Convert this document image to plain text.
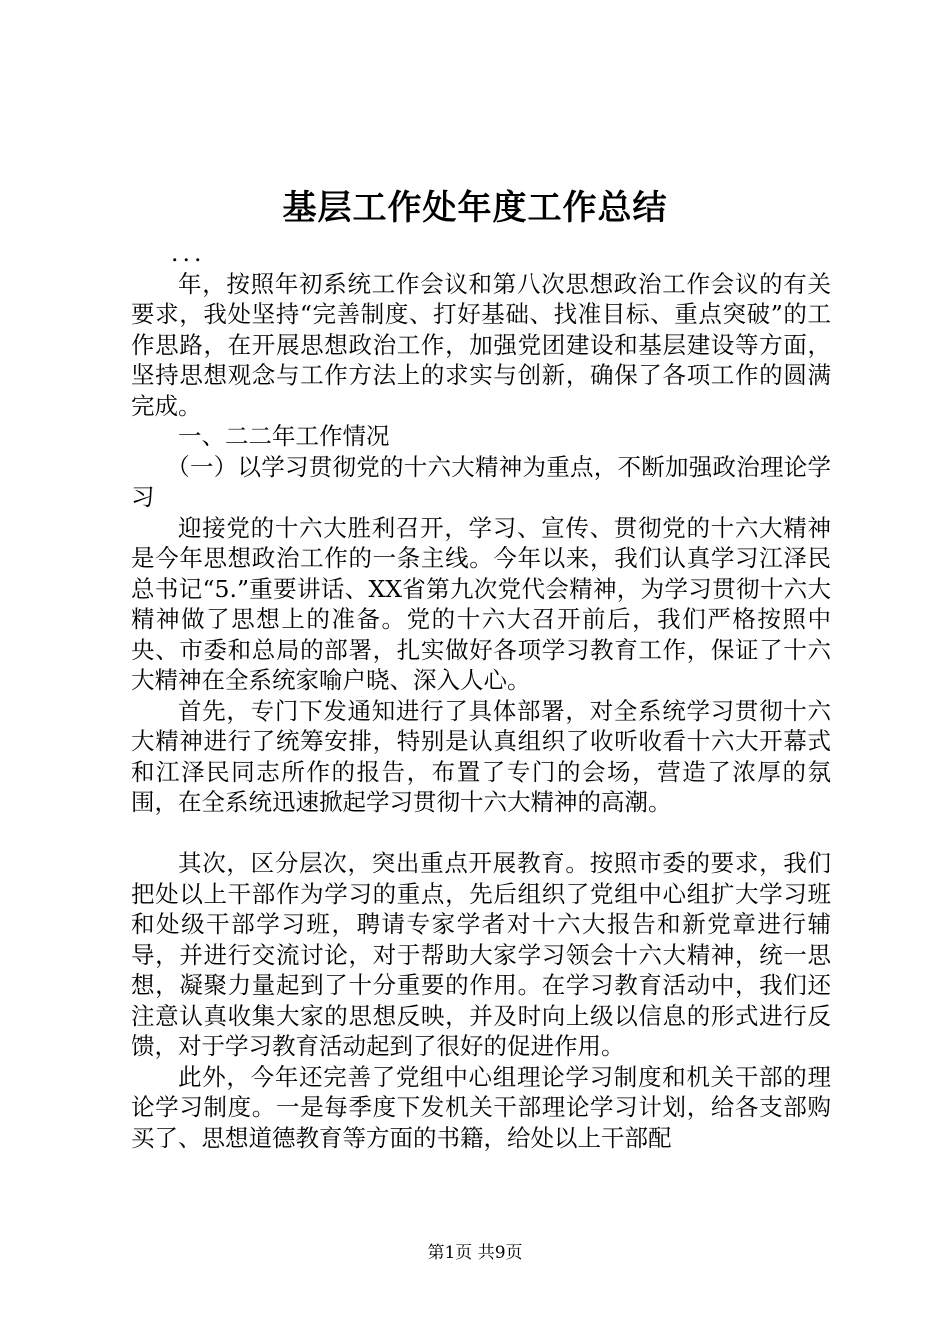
基层工作处年度工作总结

...

年，按照年初系统工作会议和第八次思想政治工作会议的有关要求，我处坚持“完善制度、打好基础、找准目标、重点突破”的工作思路，在开展思想政治工作，加强党团建设和基层建设等方面，坚持思想观念与工作方法上的求实与创新，确保了各项工作的圆满完成。

一、二二年工作情况

（一）以学习贯彻党的十六大精神为重点，不断加强政治理论学习

迎接党的十六大胜利召开，学习、宣传、贯彻党的十六大精神是今年思想政治工作的一条主线。今年以来，我们认真学习江泽民总书记“5.”重要讲话、XX省第九次党代会精神，为学习贯彻十六大精神做了思想上的准备。党的十六大召开前后，我们严格按照中央、市委和总局的部署，扎实做好各项学习教育工作，保证了十六大精神在全系统家喻户晓、深入人心。

首先，专门下发通知进行了具体部署，对全系统学习贯彻十六大精神进行了统筹安排，特别是认真组织了收听收看十六大开幕式和江泽民同志所作的报告，布置了专门的会场，营造了浓厚的氛围，在全系统迅速掀起学习贯彻十六大精神的高潮。

其次，区分层次，突出重点开展教育。按照市委的要求，我们把处以上干部作为学习的重点，先后组织了党组中心组扩大学习班和处级干部学习班，聘请专家学者对十六大报告和新党章进行辅导，并进行交流讨论，对于帮助大家学习领会十六大精神，统一思想，凝聚力量起到了十分重要的作用。在学习教育活动中，我们还注意认真收集大家的思想反映，并及时向上级以信息的形式进行反馈，对于学习教育活动起到了很好的促进作用。

此外，今年还完善了党组中心组理论学习制度和机关干部的理论学习制度。一是每季度下发机关干部理论学习计划，给各支部购买了、思想道德教育等方面的书籍，给处以上干部配

第1页 共9页
